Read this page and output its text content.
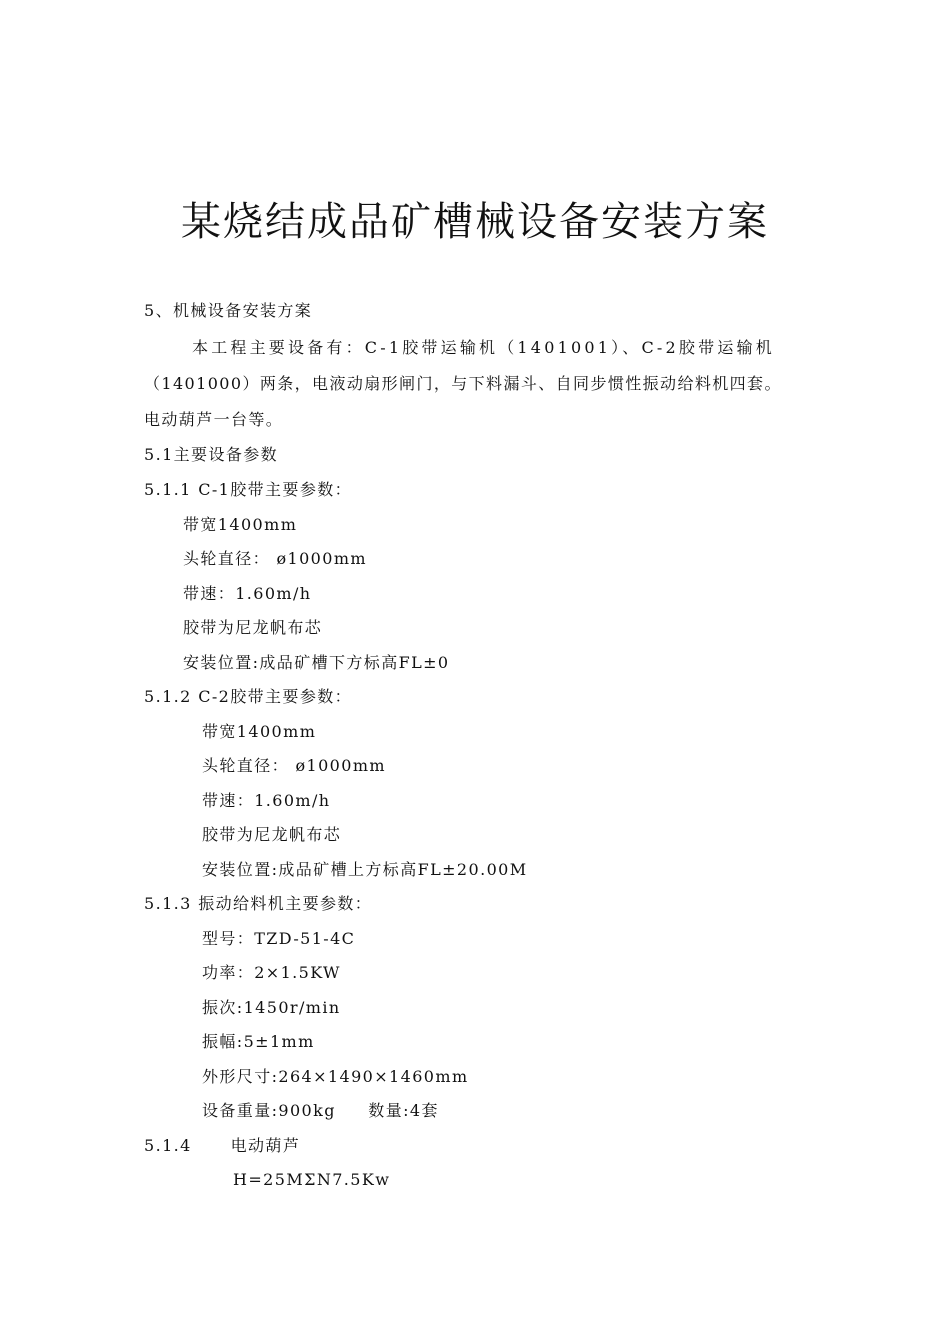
某烧结成品矿槽械设备安装方案
5、机械设备安装方案
本工程主要设备有：C-1胶带运输机（1401001）、C-2胶带运输机
（1401000）两条，电液动扇形闸门，与下料漏斗、自同步惯性振动给料机四套。
电动葫芦一台等。
5.1主要设备参数
5.1.1 C-1胶带主要参数：
带宽1400mm
头轮直径： ø1000mm
带速：1.60m/h
胶带为尼龙帆布芯
安装位置:成品矿槽下方标高FL±0
5.1.2 C-2胶带主要参数：
带宽1400mm
头轮直径： ø1000mm
带速：1.60m/h
胶带为尼龙帆布芯
安装位置:成品矿槽上方标高FL±20.00M
5.1.3 振动给料机主要参数：
型号：TZD-51-4C
功率：2×1.5KW
振次:1450r/min
振幅:5±1mm
外形尺寸:264×1490×1460mm
设备重量:900kg     数量:4套
5.1.4      电动葫芦
H=25MΣN7.5Kw
